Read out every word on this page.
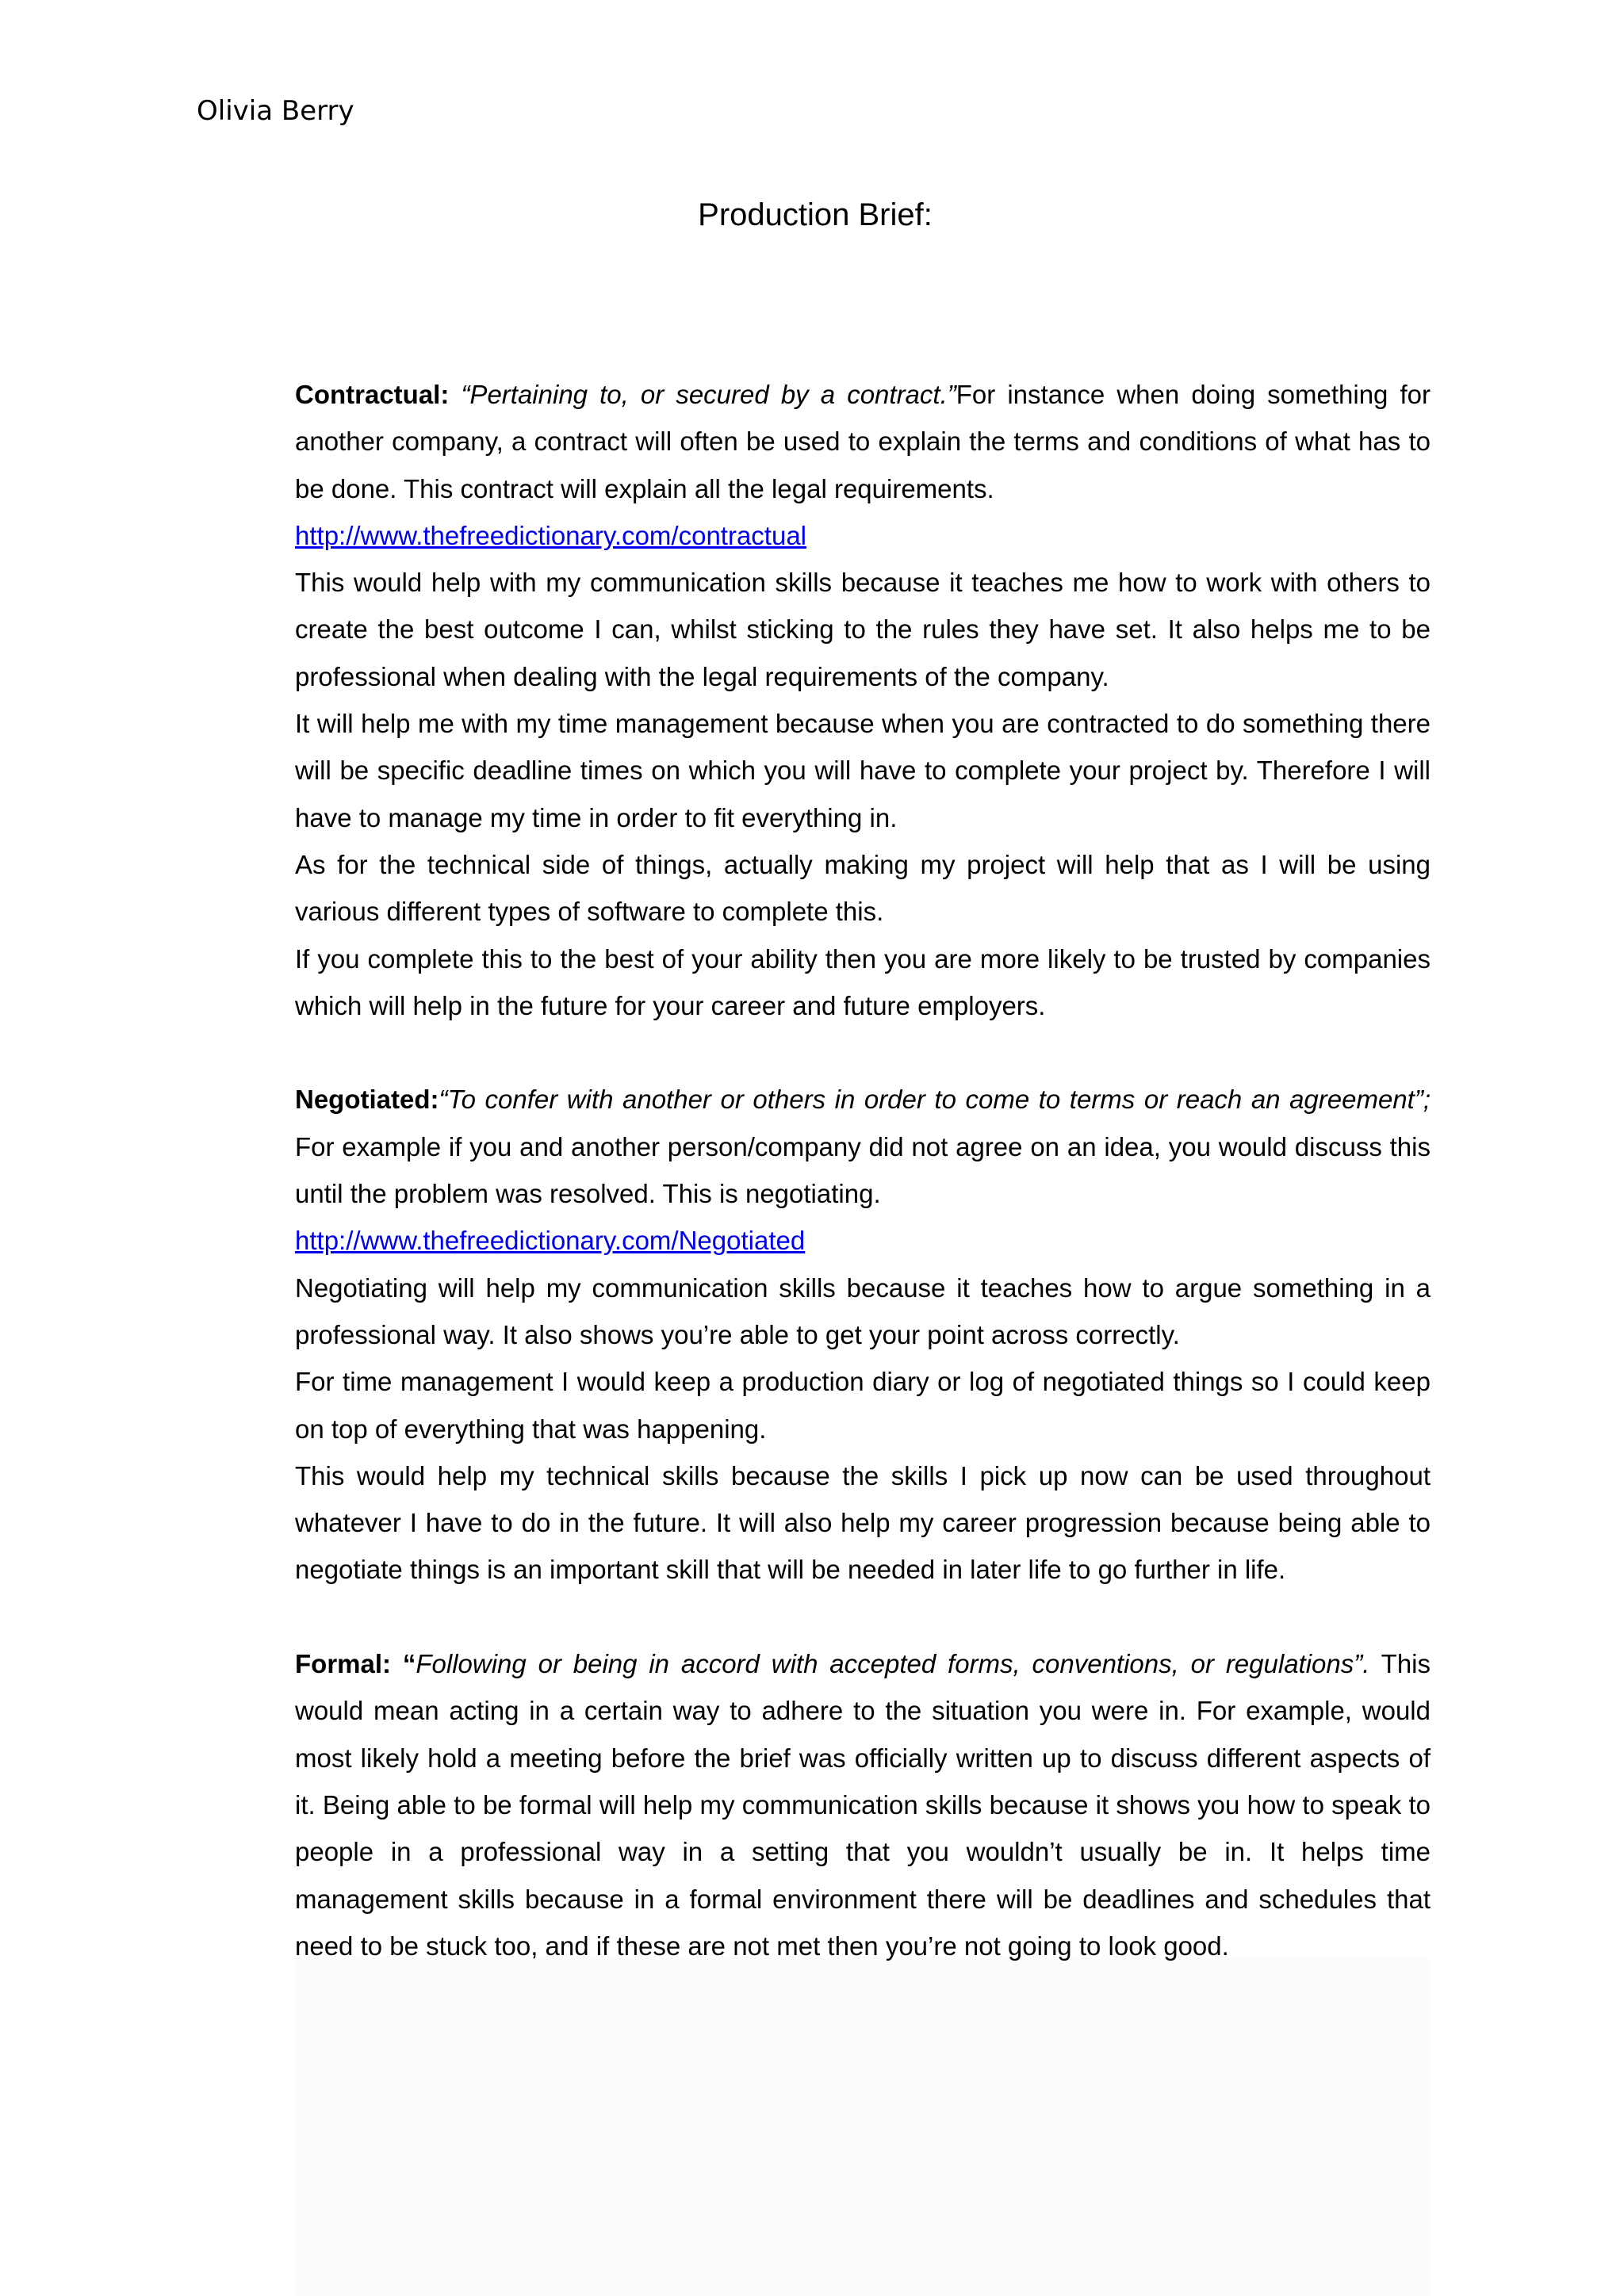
Olivia Berry

Production Brief:

Contractual: “Pertaining to, or secured by a contract.”For instance when doing something for another company, a contract will often be used to explain the terms and conditions of what has to be done. This contract will explain all the legal requirements.

http://www.thefreedictionary.com/contractual

This would help with my communication skills because it teaches me how to work with others to create the best outcome I can, whilst sticking to the rules they have set. It also helps me to be professional when dealing with the legal requirements of the company.

It will help me with my time management because when you are contracted to do something there will be specific deadline times on which you will have to complete your project by. Therefore I will have to manage my time in order to fit everything in.

As for the technical side of things, actually making my project will help that as I will be using various different types of software to complete this.

If you complete this to the best of your ability then you are more likely to be trusted by companies which will help in the future for your career and future employers.

Negotiated:“To confer with another or others in order to come to terms or reach an agreement”; For example if you and another person/company did not agree on an idea, you would discuss this until the problem was resolved. This is negotiating.

http://www.thefreedictionary.com/Negotiated

Negotiating will help my communication skills because it teaches how to argue something in a professional way. It also shows you’re able to get your point across correctly.

For time management I would keep a production diary or log of negotiated things so I could keep on top of everything that was happening.

This would help my technical skills because the skills I pick up now can be used throughout whatever I have to do in the future. It will also help my career progression because being able to negotiate things is an important skill that will be needed in later life to go further in life.

Formal: “Following or being in accord with accepted forms, conventions, or regulations”. This would mean acting in a certain way to adhere to the situation you were in. For example, would most likely hold a meeting before the brief was officially written up to discuss different aspects of it. Being able to be formal will help my communication skills because it shows you how to speak to people in a professional way in a setting that you wouldn’t usually be in. It helps time management skills because in a formal environment there will be deadlines and schedules that need to be stuck too, and if these are not met then you’re not going to look good.
